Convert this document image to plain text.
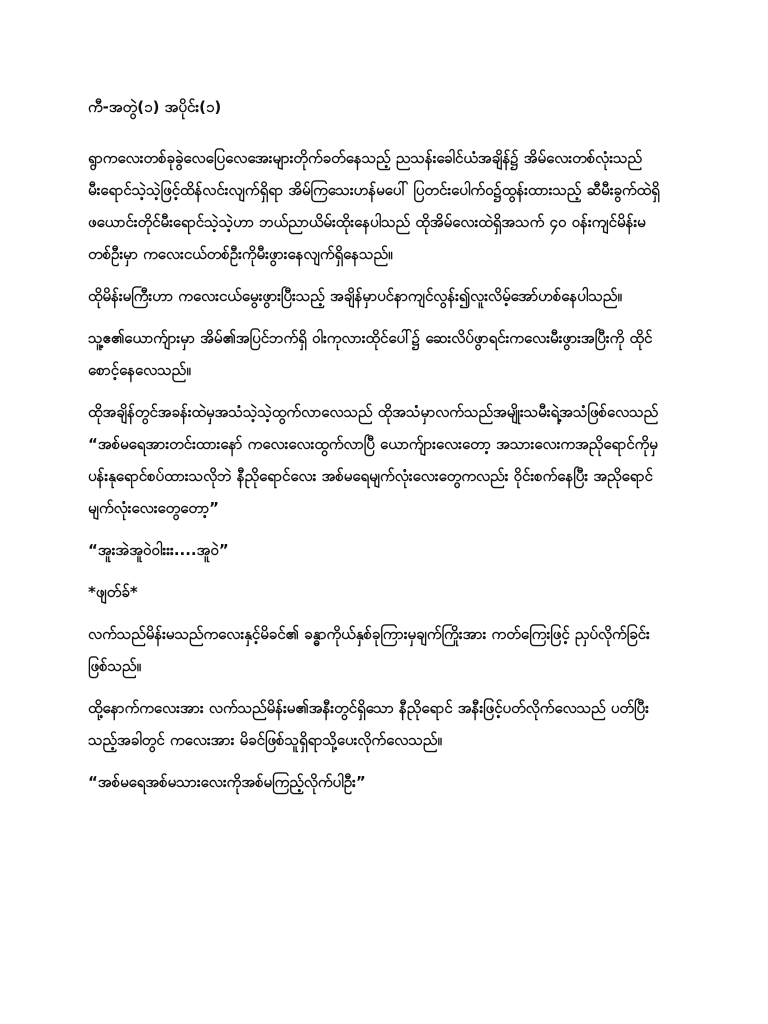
ကီ-အတွဲ(၁) အပိုင်း(၁)
ရွာကလေးတစ်ခုခွဲလေပြေလေအေးများတိုက်ခတ်နေသည့် ညသန်းခေါင်ယံအချိန်၌ အိမ်လေးတစ်လုံးသည်
မီးရောင်သဲ့သဲ့ဖြင့်ထိန်လင်းလျက်ရှိရာ အိမ်ကြသေးဟန်မပေါ် ပြတင်းပေါက်ဝ၌ထွန်းထားသည့် ဆီမီးခွက်ထဲရှိ
ဖယောင်းတိုင်မီးရောင်သဲ့သဲ့ဟာ ဘယ်ညာယိမ်းထိုးနေပါသည် ထိုအိမ်လေးထဲရှိအသက် ၄၀ ဝန်းကျင်မိန်းမ
တစ်ဦးမှာ ကလေးငယ်တစ်ဦးကိုမီးဖွားနေလျက်ရှိနေသည်။
ထိုမိန်းမကြီးဟာ ကလေးငယ်မွေးဖွားပြီးသည့် အချိန်မှာပင်နာကျင်လွန်း၍လူးလိမ့်အော်ဟစ်နေပါသည်။
သူ့ဧ၏ယောက်ျားမှာ အိမ်၏အပြင်ဘက်ရှိ ဝါးကုလားထိုင်ပေါ်၌ ဆေးလိပ်ဖွာရင်းကလေးမီးဖွားအပြီးကို ထိုင်
စောင့်နေလေသည်။
ထိုအချိန်တွင်အခန်းထဲမှအသံသဲ့သဲ့ထွက်လာလေသည် ထိုအသံမှာလက်သည်အမျိုးသမီးရဲ့အသံဖြစ်လေသည်
“အစ်မရေအားတင်းထားနော် ကလေးလေးထွက်လာပြီ ယောက်ျားလေးတော့ အသားလေးကအညိုရောင်ကိုမှ
ပန်းနုရောင်စပ်ထားသလိုဘဲ နီညိုရောင်လေး အစ်မရေမျက်လုံးလေးတွေကလည်း ဝိုင်းစက်နေပြီး အညိုရောင်
မျက်လုံးလေးတွေတော့”
“အူးအဲအူဝဲဝါးးး....အူဝဲ”
*ဖျတ်ခ်*
လက်သည်မိန်းမသည်ကလေးနှင့်မိခင်၏ ခန္ဓာကိုယ်နှစ်ခုကြားမှချက်ကြိုးအား ကတ်ကြေးဖြင့် ညှပ်လိုက်ခြင်း
ဖြစ်သည်။
ထို့နောက်ကလေးအား လက်သည်မိန်းမ၏အနီးတွင်ရှိသော နီညိုရောင် အနီးဖြင့်ပတ်လိုက်လေသည် ပတ်ပြီး
သည့်အခါတွင် ကလေးအား မိခင်ဖြစ်သူရှိရာသို့ပေးလိုက်လေသည်။
“အစ်မရေအစ်မသားလေးကိုအစ်မကြည့်လိုက်ပါဦး”
